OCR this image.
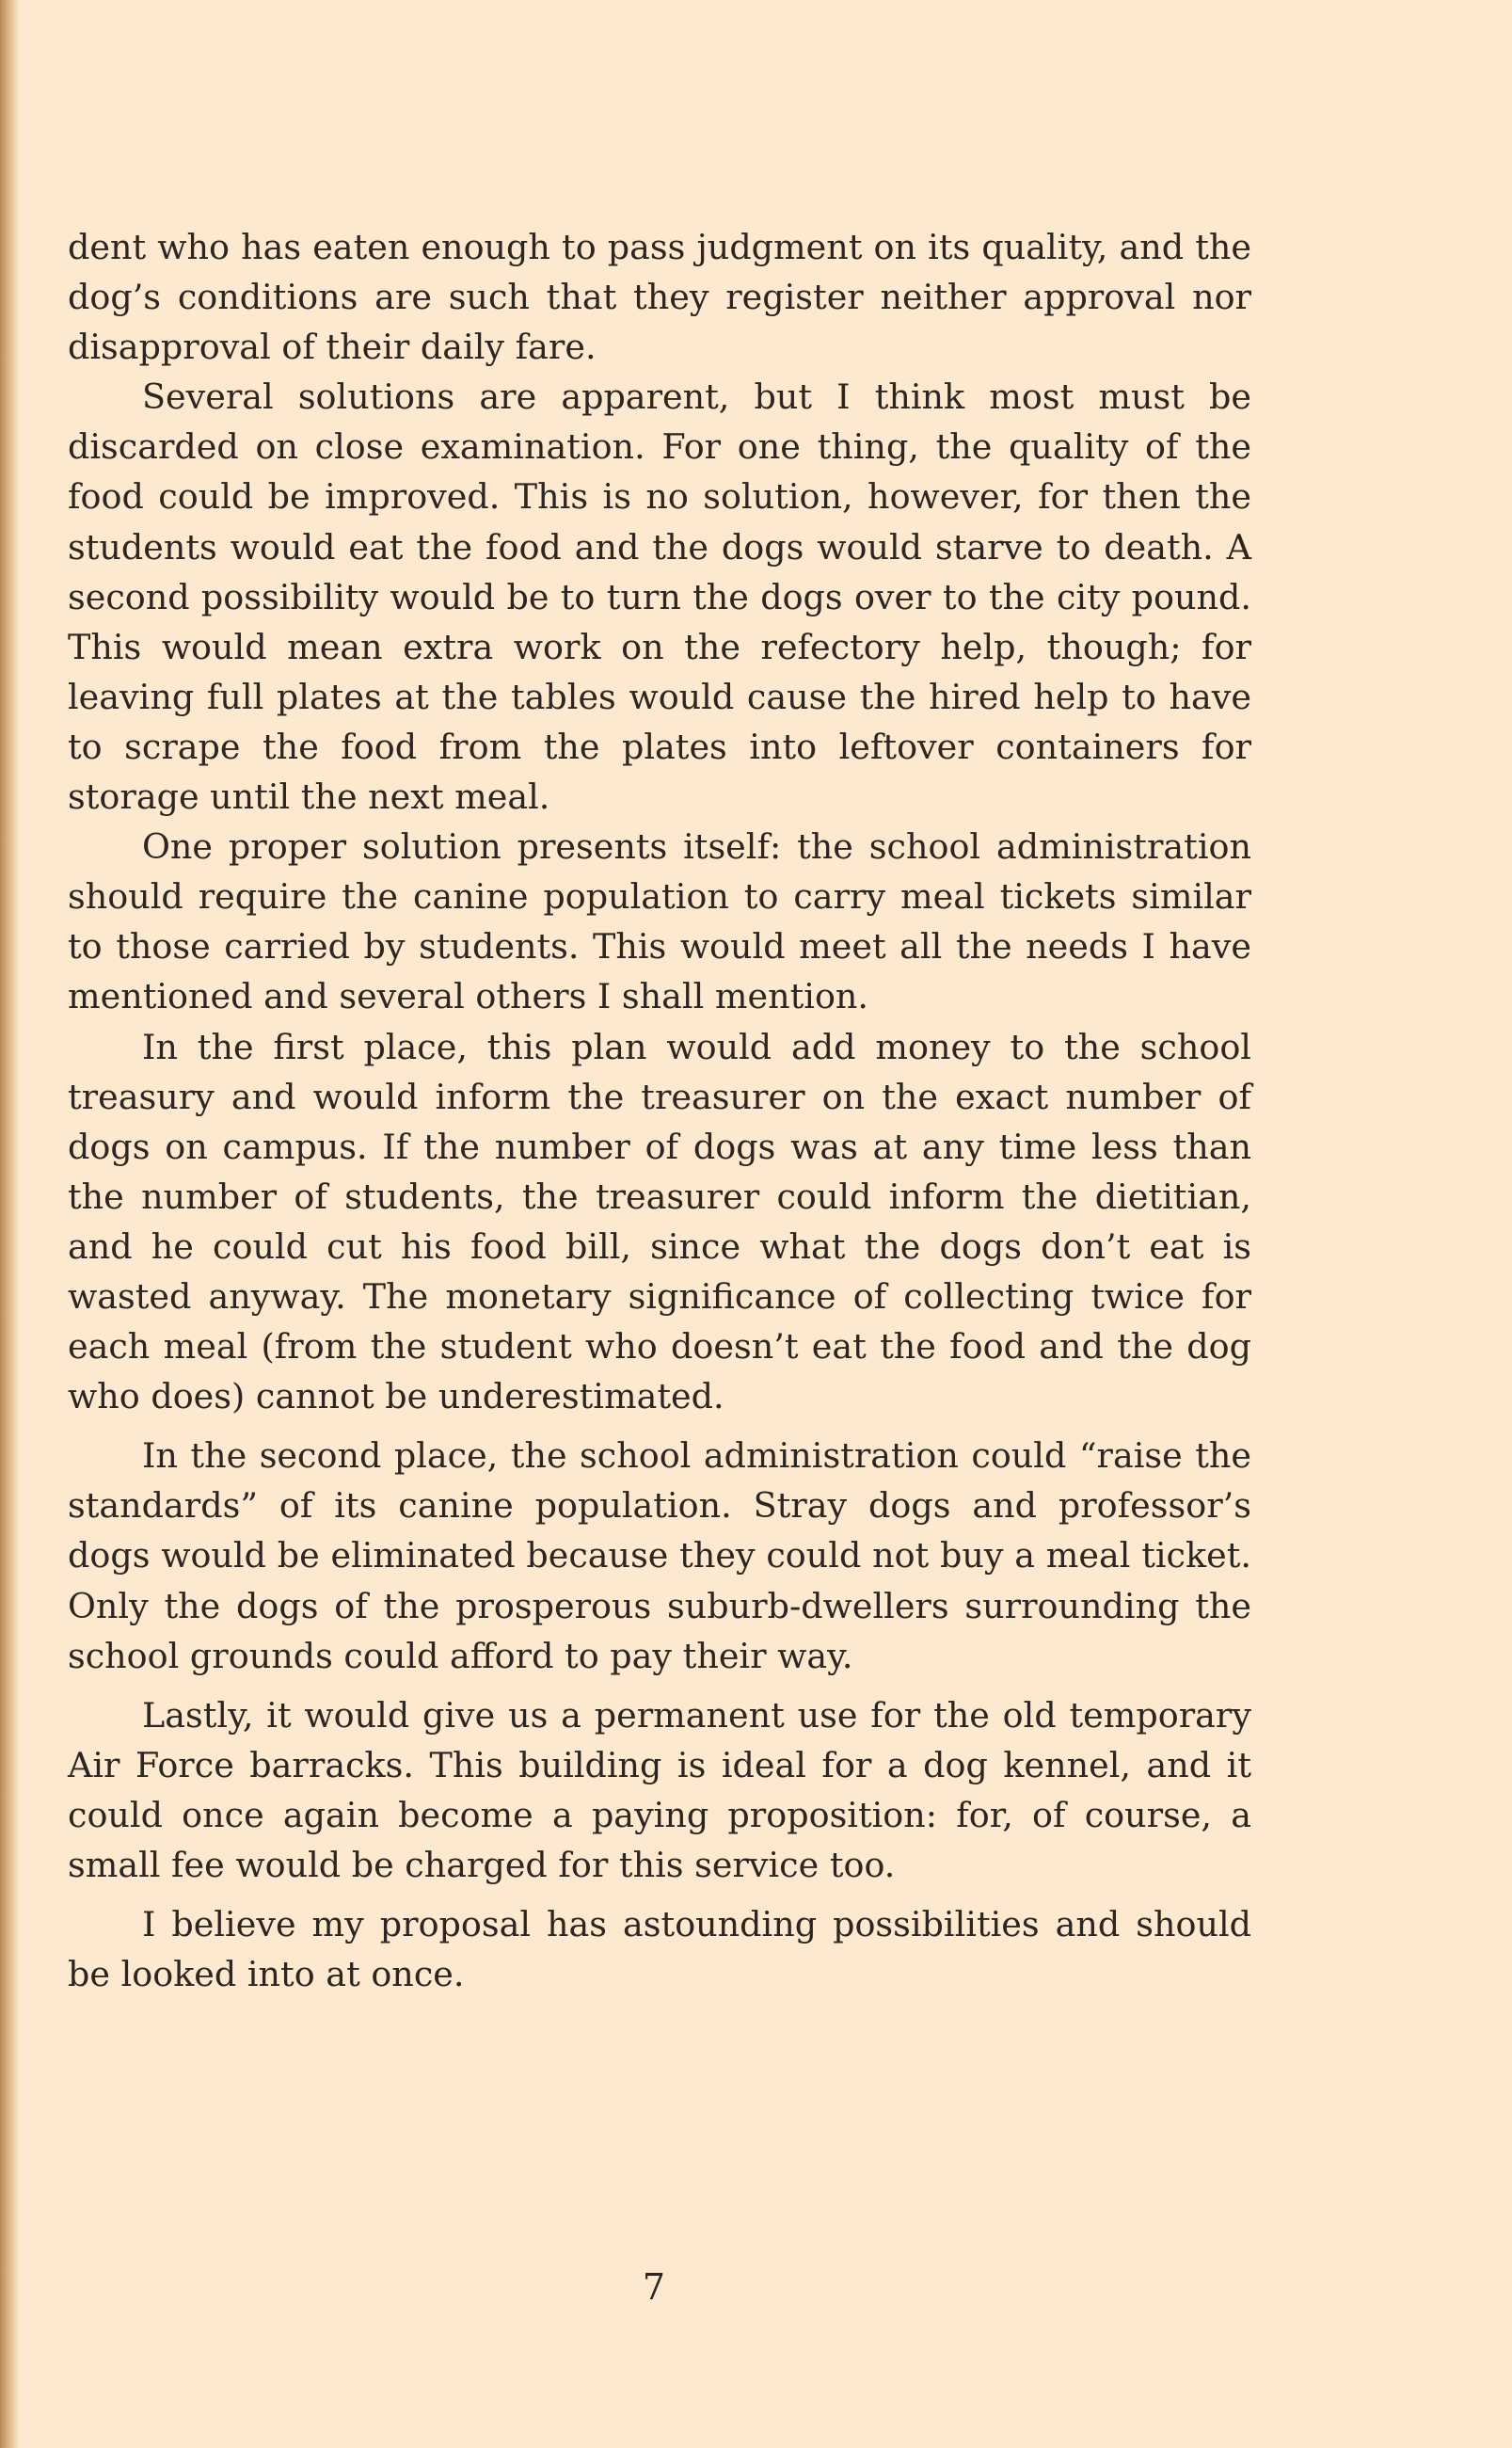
dent who has eaten enough to pass judgment on its quality, and the dog’s conditions are such that they register neither approval nor disapproval of their daily fare.

Several solutions are apparent, but I think most must be discarded on close examination. For one thing, the quality of the food could be improved. This is no solution, however, for then the students would eat the food and the dogs would starve to death. A second possibility would be to turn the dogs over to the city pound. This would mean extra work on the refectory help, though; for leaving full plates at the tables would cause the hired help to have to scrape the food from the plates into leftover containers for storage until the next meal.

One proper solution presents itself: the school administration should require the canine population to carry meal tickets similar to those carried by students. This would meet all the needs I have mentioned and several others I shall mention.

In the first place, this plan would add money to the school treasury and would inform the treasurer on the exact number of dogs on campus. If the number of dogs was at any time less than the number of students, the treasurer could inform the dietitian, and he could cut his food bill, since what the dogs don’t eat is wasted anyway. The monetary significance of collecting twice for each meal (from the student who doesn’t eat the food and the dog who does) cannot be underestimated.

In the second place, the school administration could “raise the standards” of its canine population. Stray dogs and professor’s dogs would be eliminated because they could not buy a meal ticket. Only the dogs of the prosperous suburb-dwellers surrounding the school grounds could afford to pay their way.

Lastly, it would give us a permanent use for the old temporary Air Force barracks. This building is ideal for a dog kennel, and it could once again become a paying proposition: for, of course, a small fee would be charged for this service too.

I believe my proposal has astounding possibilities and should be looked into at once.

7
